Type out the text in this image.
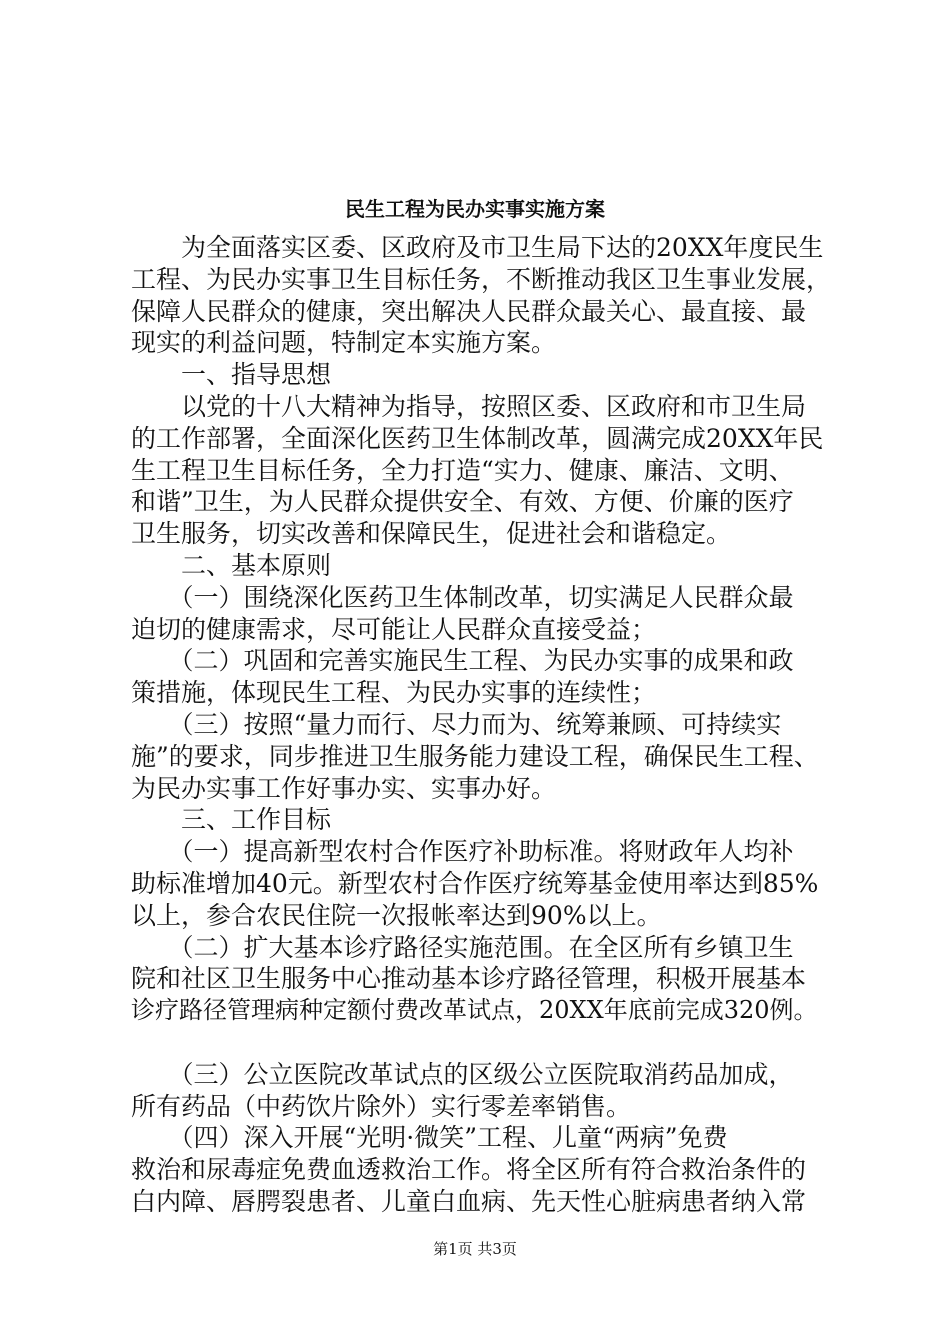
民生工程为民办实事实施方案
　　为全面落实区委、区政府及市卫生局下达的20XX年度民生
工程、为民办实事卫生目标任务，不断推动我区卫生事业发展，
保障人民群众的健康，突出解决人民群众最关心、最直接、最
现实的利益问题，特制定本实施方案。
　　一、指导思想
　　以党的十八大精神为指导，按照区委、区政府和市卫生局
的工作部署，全面深化医药卫生体制改革，圆满完成20XX年民
生工程卫生目标任务，全力打造“实力、健康、廉洁、文明、
和谐”卫生，为人民群众提供安全、有效、方便、价廉的医疗
卫生服务，切实改善和保障民生，促进社会和谐稳定。
　　二、基本原则
　　（一）围绕深化医药卫生体制改革，切实满足人民群众最
迫切的健康需求，尽可能让人民群众直接受益；
　　（二）巩固和完善实施民生工程、为民办实事的成果和政
策措施，体现民生工程、为民办实事的连续性；
　　（三）按照“量力而行、尽力而为、统筹兼顾、可持续实
施”的要求，同步推进卫生服务能力建设工程，确保民生工程、
为民办实事工作好事办实、实事办好。
　　三、工作目标
　　（一）提高新型农村合作医疗补助标准。将财政年人均补
助标准增加40元。新型农村合作医疗统筹基金使用率达到85%
以上，参合农民住院一次报帐率达到90%以上。
　　（二）扩大基本诊疗路径实施范围。在全区所有乡镇卫生
院和社区卫生服务中心推动基本诊疗路径管理，积极开展基本
诊疗路径管理病种定额付费改革试点，20XX年底前完成320例。
　　（三）公立医院改革试点的区级公立医院取消药品加成，
所有药品（中药饮片除外）实行零差率销售。
　　（四）深入开展“光明·微笑”工程、儿童“两病”免费
救治和尿毒症免费血透救治工作。将全区所有符合救治条件的
白内障、唇腭裂患者、儿童白血病、先天性心脏病患者纳入常
第1页 共3页
